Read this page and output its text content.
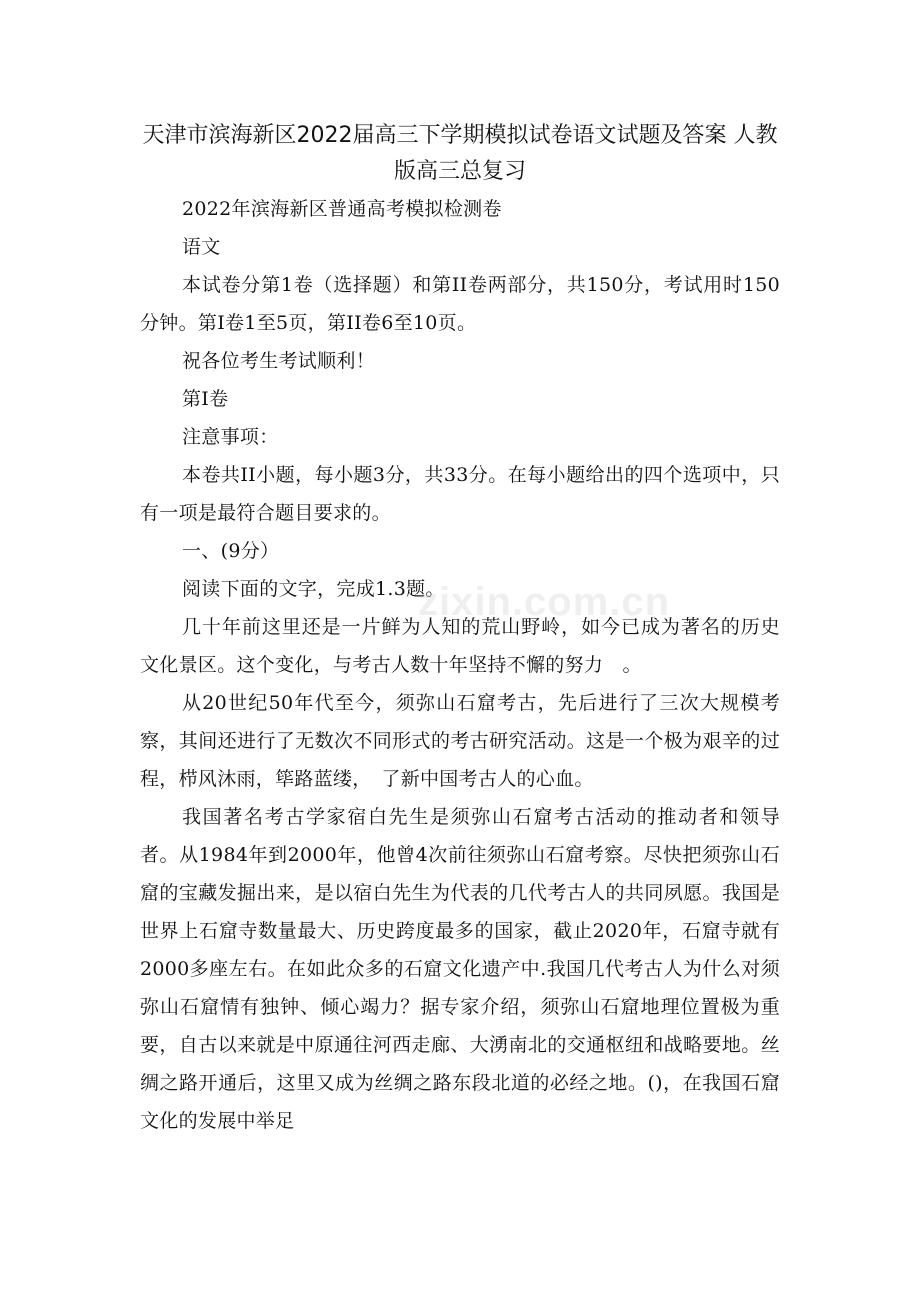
天津市滨海新区2022届高三下学期模拟试卷语文试题及答案 人教
版高三总复习

2022年滨海新区普通高考模拟检测卷

语文

本试卷分第1卷（选择题）和第II卷两部分，共150分，考试用时150分钟。第I卷1至5页，第II卷6至10页。

祝各位考生考试顺利！

第I卷

注意事项：

本卷共II小题，每小题3分，共33分。在每小题给出的四个选项中，只有一项是最符合题目要求的。

一、(9分）

阅读下面的文字，完成1.3题。

几十年前这里还是一片鲜为人知的荒山野岭，如今已成为著名的历史文化景区。这个变化，与考古人数十年坚持不懈的努力　。

从20世纪50年代至今，须弥山石窟考古，先后进行了三次大规模考察，其间还进行了无数次不同形式的考古研究活动。这是一个极为艰辛的过程，栉风沐雨，筚路蓝缕，　了新中国考古人的心血。

我国著名考古学家宿白先生是须弥山石窟考古活动的推动者和领导者。从1984年到2000年，他曾4次前往须弥山石窟考察。尽快把须弥山石窟的宝藏发掘出来，是以宿白先生为代表的几代考古人的共同夙愿。我国是世界上石窟寺数量最大、历史跨度最多的国家，截止2020年，石窟寺就有2000多座左右。在如此众多的石窟文化遗产中.我国几代考古人为什么对须弥山石窟情有独钟、倾心竭力？据专家介绍，须弥山石窟地理位置极为重要，自古以来就是中原通往河西走廊、大湧南北的交通枢纽和战略要地。丝绸之路开通后，这里又成为丝绸之路东段北道的必经之地。()，在我国石窟文化的发展中举足

zixin.com.cn
